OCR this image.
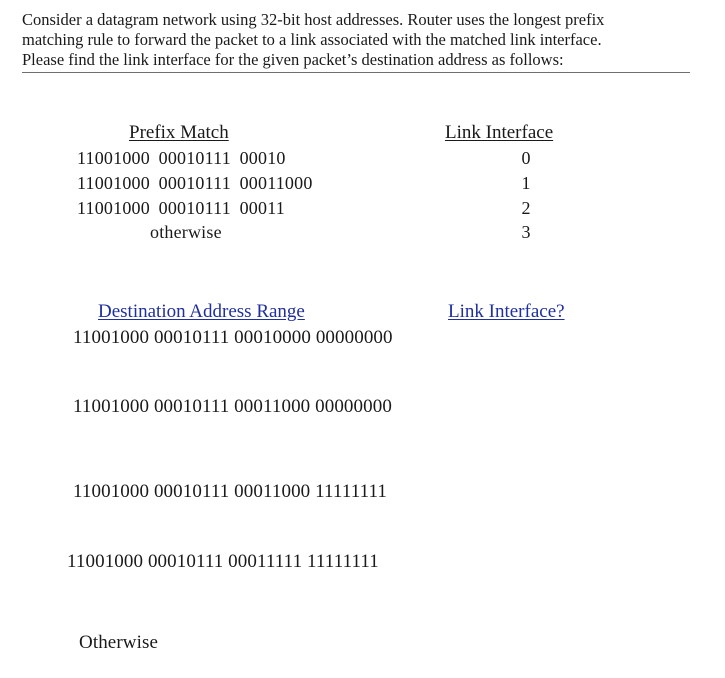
Consider a datagram network using 32-bit host addresses. Router uses the longest prefix

matching rule to forward the packet to a link associated with the matched link interface.

Please find the link interface for the given packet’s destination address as follows:

Prefix Match	Link Interface
11001000 00010111 00010
11001000 00010111 00011000
11001000 00010111 00011
otherwise
0
1
2
3
Destination Address Range	Link Interface?
11001000 00010111 00010000 00000000
11001000 00010111 00011000 00000000
11001000 00010111 00011000 11111111
11001000 00010111 00011111 11111111
Otherwise
